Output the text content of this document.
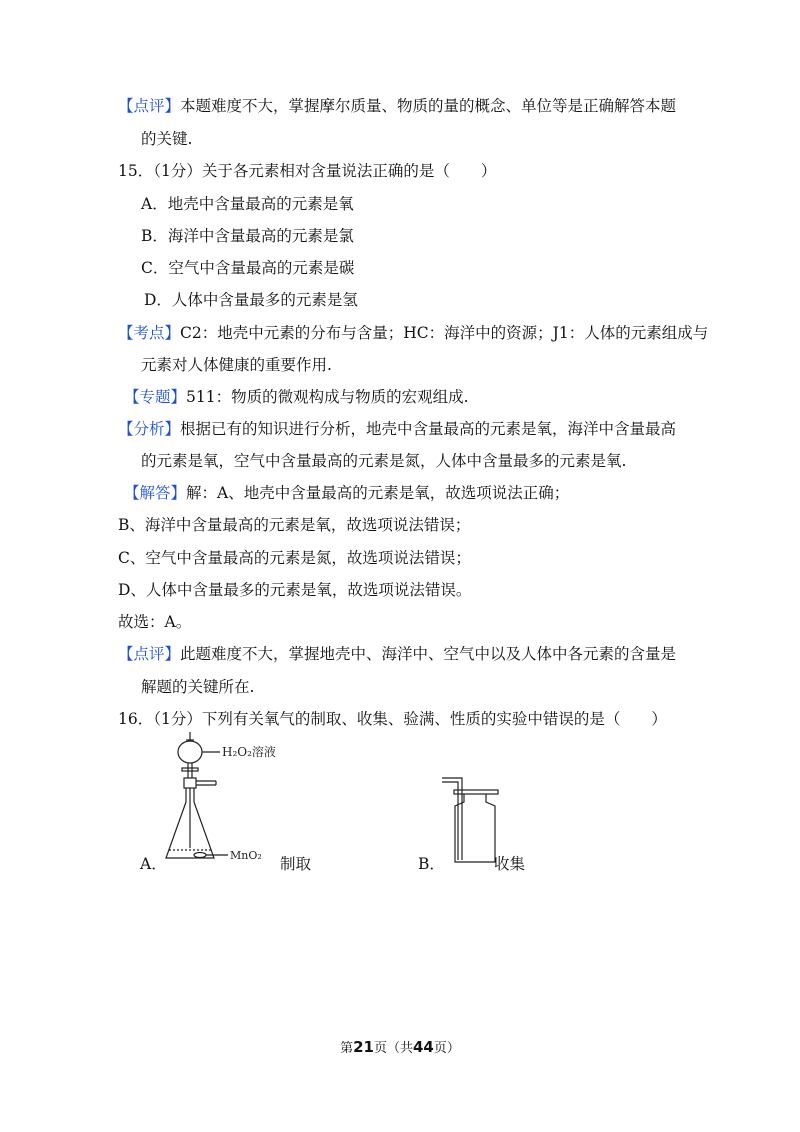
【点评】本题难度不大，掌握摩尔质量、物质的量的概念、单位等是正确解答本题
的关键.
15．（1分）关于各元素相对含量说法正确的是（　　）
A．地壳中含量最高的元素是氧
B．海洋中含量最高的元素是氯
C．空气中含量最高的元素是碳
D．人体中含量最多的元素是氢
【考点】C2：地壳中元素的分布与含量；HC：海洋中的资源；J1：人体的元素组成与
元素对人体健康的重要作用.
【专题】511：物质的微观构成与物质的宏观组成.
【分析】根据已有的知识进行分析，地壳中含量最高的元素是氧，海洋中含量最高
的元素是氧，空气中含量最高的元素是氮，人体中含量最多的元素是氧.
【解答】解：A、地壳中含量最高的元素是氧，故选项说法正确；
B、海洋中含量最高的元素是氧，故选项说法错误；
C、空气中含量最高的元素是氮，故选项说法错误；
D、人体中含量最多的元素是氧，故选项说法错误。
故选：A。
【点评】此题难度不大，掌握地壳中、海洋中、空气中以及人体中各元素的含量是
解题的关键所在.
16．（1分）下列有关氧气的制取、收集、验满、性质的实验中错误的是（　　）
A．
H₂O₂溶液
MnO₂ 制取	B．	收集
第21页（共44页）
